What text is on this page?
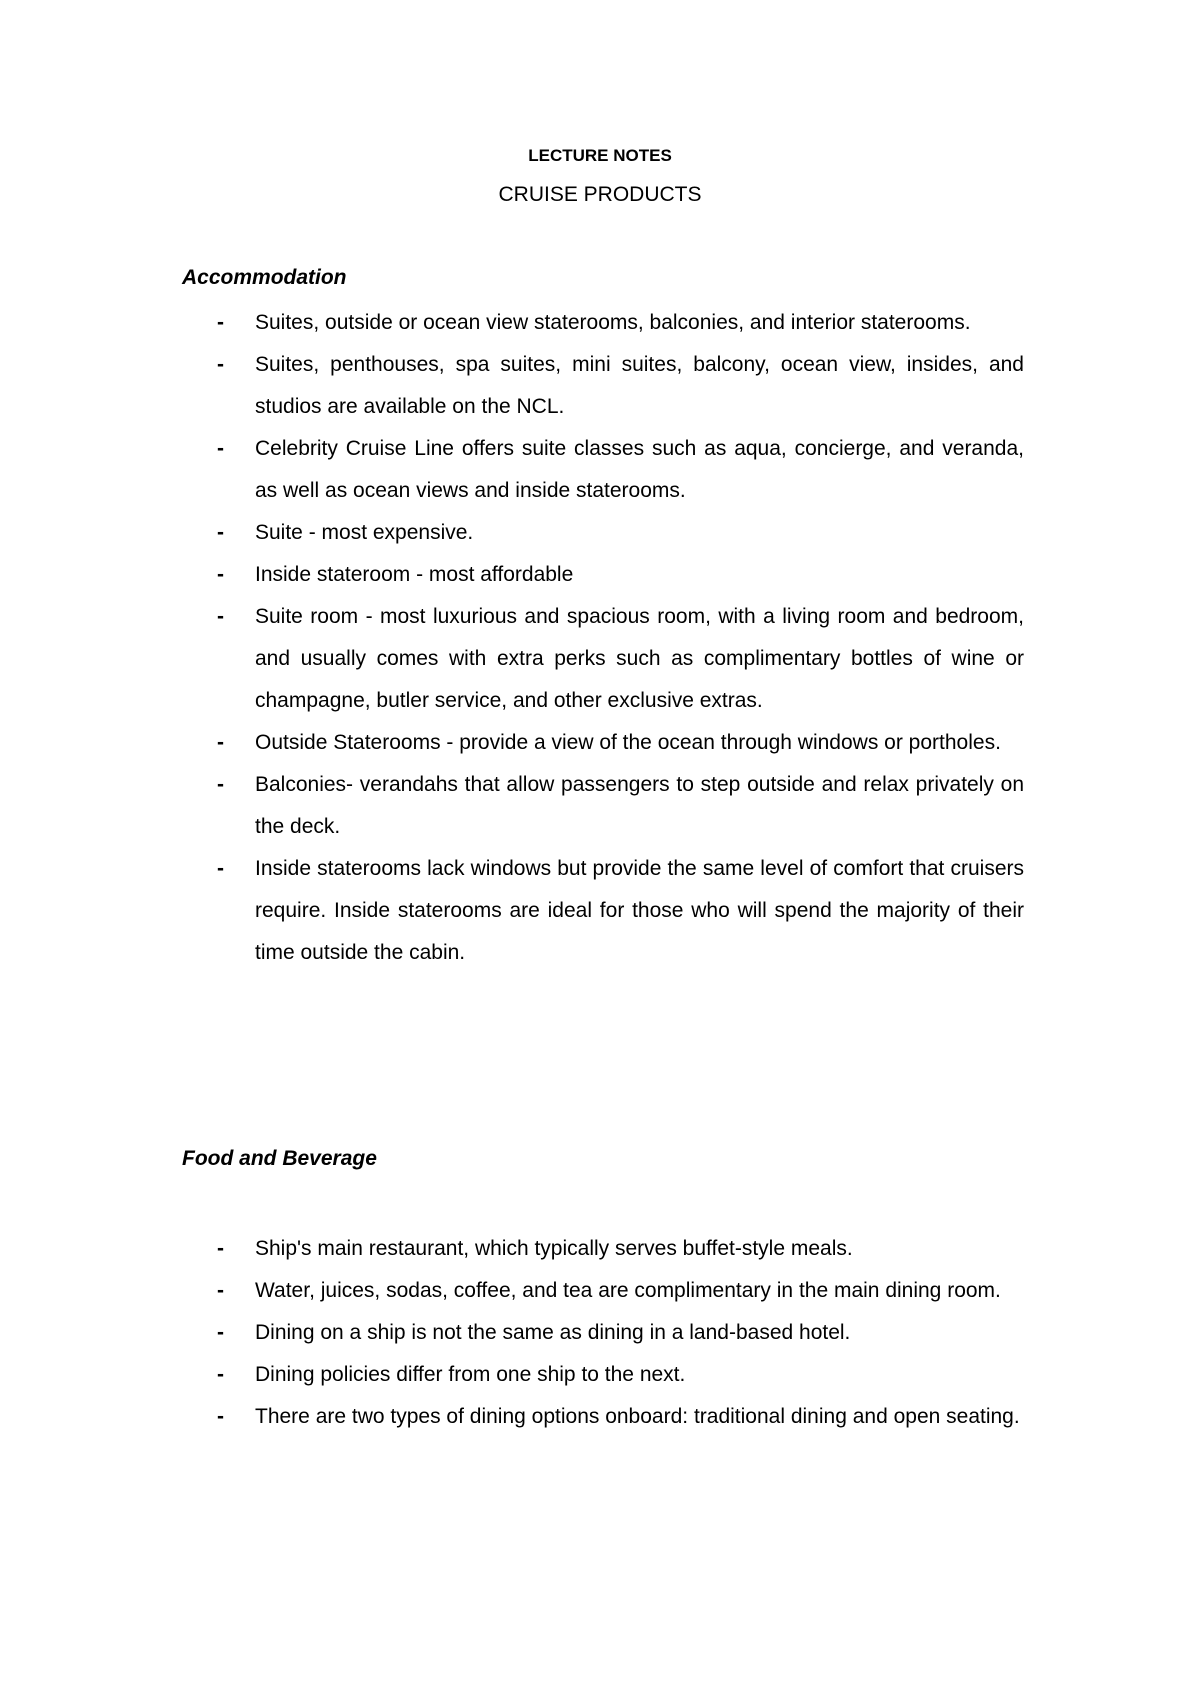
LECTURE NOTES
CRUISE PRODUCTS
Accommodation
- Suites, outside or ocean view staterooms, balconies, and interior staterooms.
- Suites, penthouses, spa suites, mini suites, balcony, ocean view, insides, and studios are available on the NCL.
- Celebrity Cruise Line offers suite classes such as aqua, concierge, and veranda, as well as ocean views and inside staterooms.
- Suite - most expensive.
- Inside stateroom - most affordable
- Suite room - most luxurious and spacious room, with a living room and bedroom, and usually comes with extra perks such as complimentary bottles of wine or champagne, butler service, and other exclusive extras.
- Outside Staterooms - provide a view of the ocean through windows or portholes.
- Balconies- verandahs that allow passengers to step outside and relax privately on the deck.
- Inside staterooms lack windows but provide the same level of comfort that cruisers require. Inside staterooms are ideal for those who will spend the majority of their time outside the cabin.
Food and Beverage
- Ship's main restaurant, which typically serves buffet-style meals.
- Water, juices, sodas, coffee, and tea are complimentary in the main dining room.
- Dining on a ship is not the same as dining in a land-based hotel.
- Dining policies differ from one ship to the next.
- There are two types of dining options onboard: traditional dining and open seating.
